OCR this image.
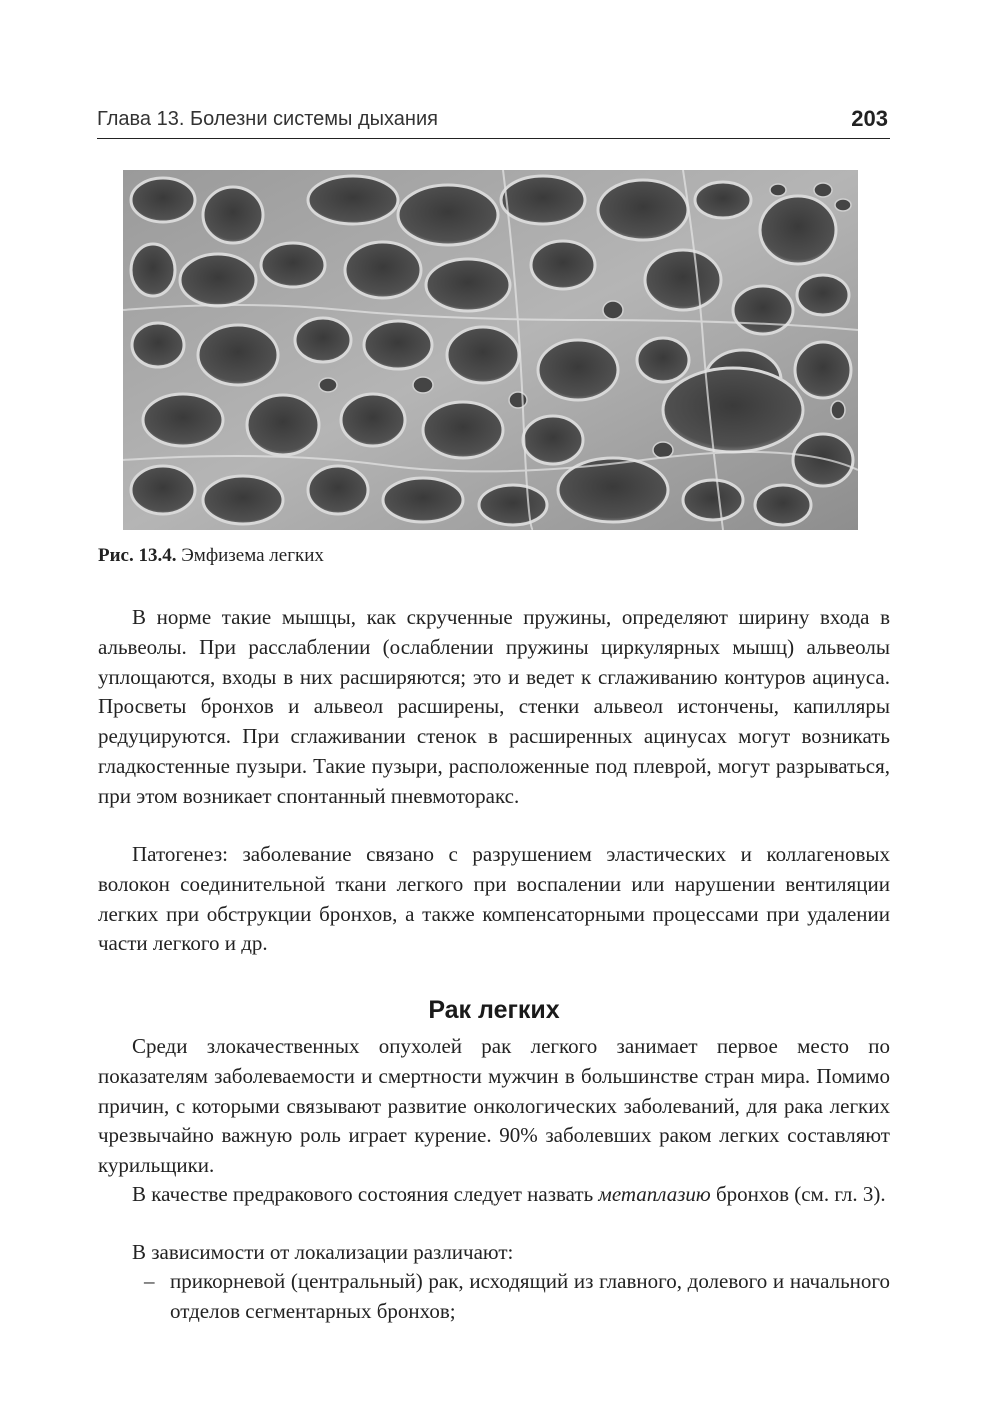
Глава 13. Болезни системы дыхания	203
Рис. 13.4. Эмфизема легких

В норме такие мышцы, как скрученные пружины, определяют ширину входа в альвеолы. При расслаблении (ослаблении пружины циркулярных мышц) альвеолы уплощаются, входы в них расширяются; это и ведет к сглаживанию контуров ацинуса. Просветы бронхов и альвеол расширены, стенки альвеол истончены, капилляры редуцируются. При сглаживании стенок в расширенных ацинусах могут возникать гладкостенные пузыри. Такие пузыри, расположенные под плеврой, могут разрываться, при этом возникает спонтанный пневмоторакс.

Патогенез: заболевание связано с разрушением эластических и коллагеновых волокон соединительной ткани легкого при воспалении или нарушении вентиляции легких при обструкции бронхов, а также компенсаторными процессами при удалении части легкого и др.

Рак легких

Среди злокачественных опухолей рак легкого занимает первое место по показателям заболеваемости и смертности мужчин в большинстве стран мира. Помимо причин, с которыми связывают развитие онкологических заболеваний, для рака легких чрезвычайно важную роль играет курение. 90% заболевших раком легких составляют курильщики.

В качестве предракового состояния следует назвать метаплазию бронхов (см. гл. 3).

В зависимости от локализации различают:

– прикорневой (центральный) рак, исходящий из главного, долевого и начального отделов сегментарных бронхов;
